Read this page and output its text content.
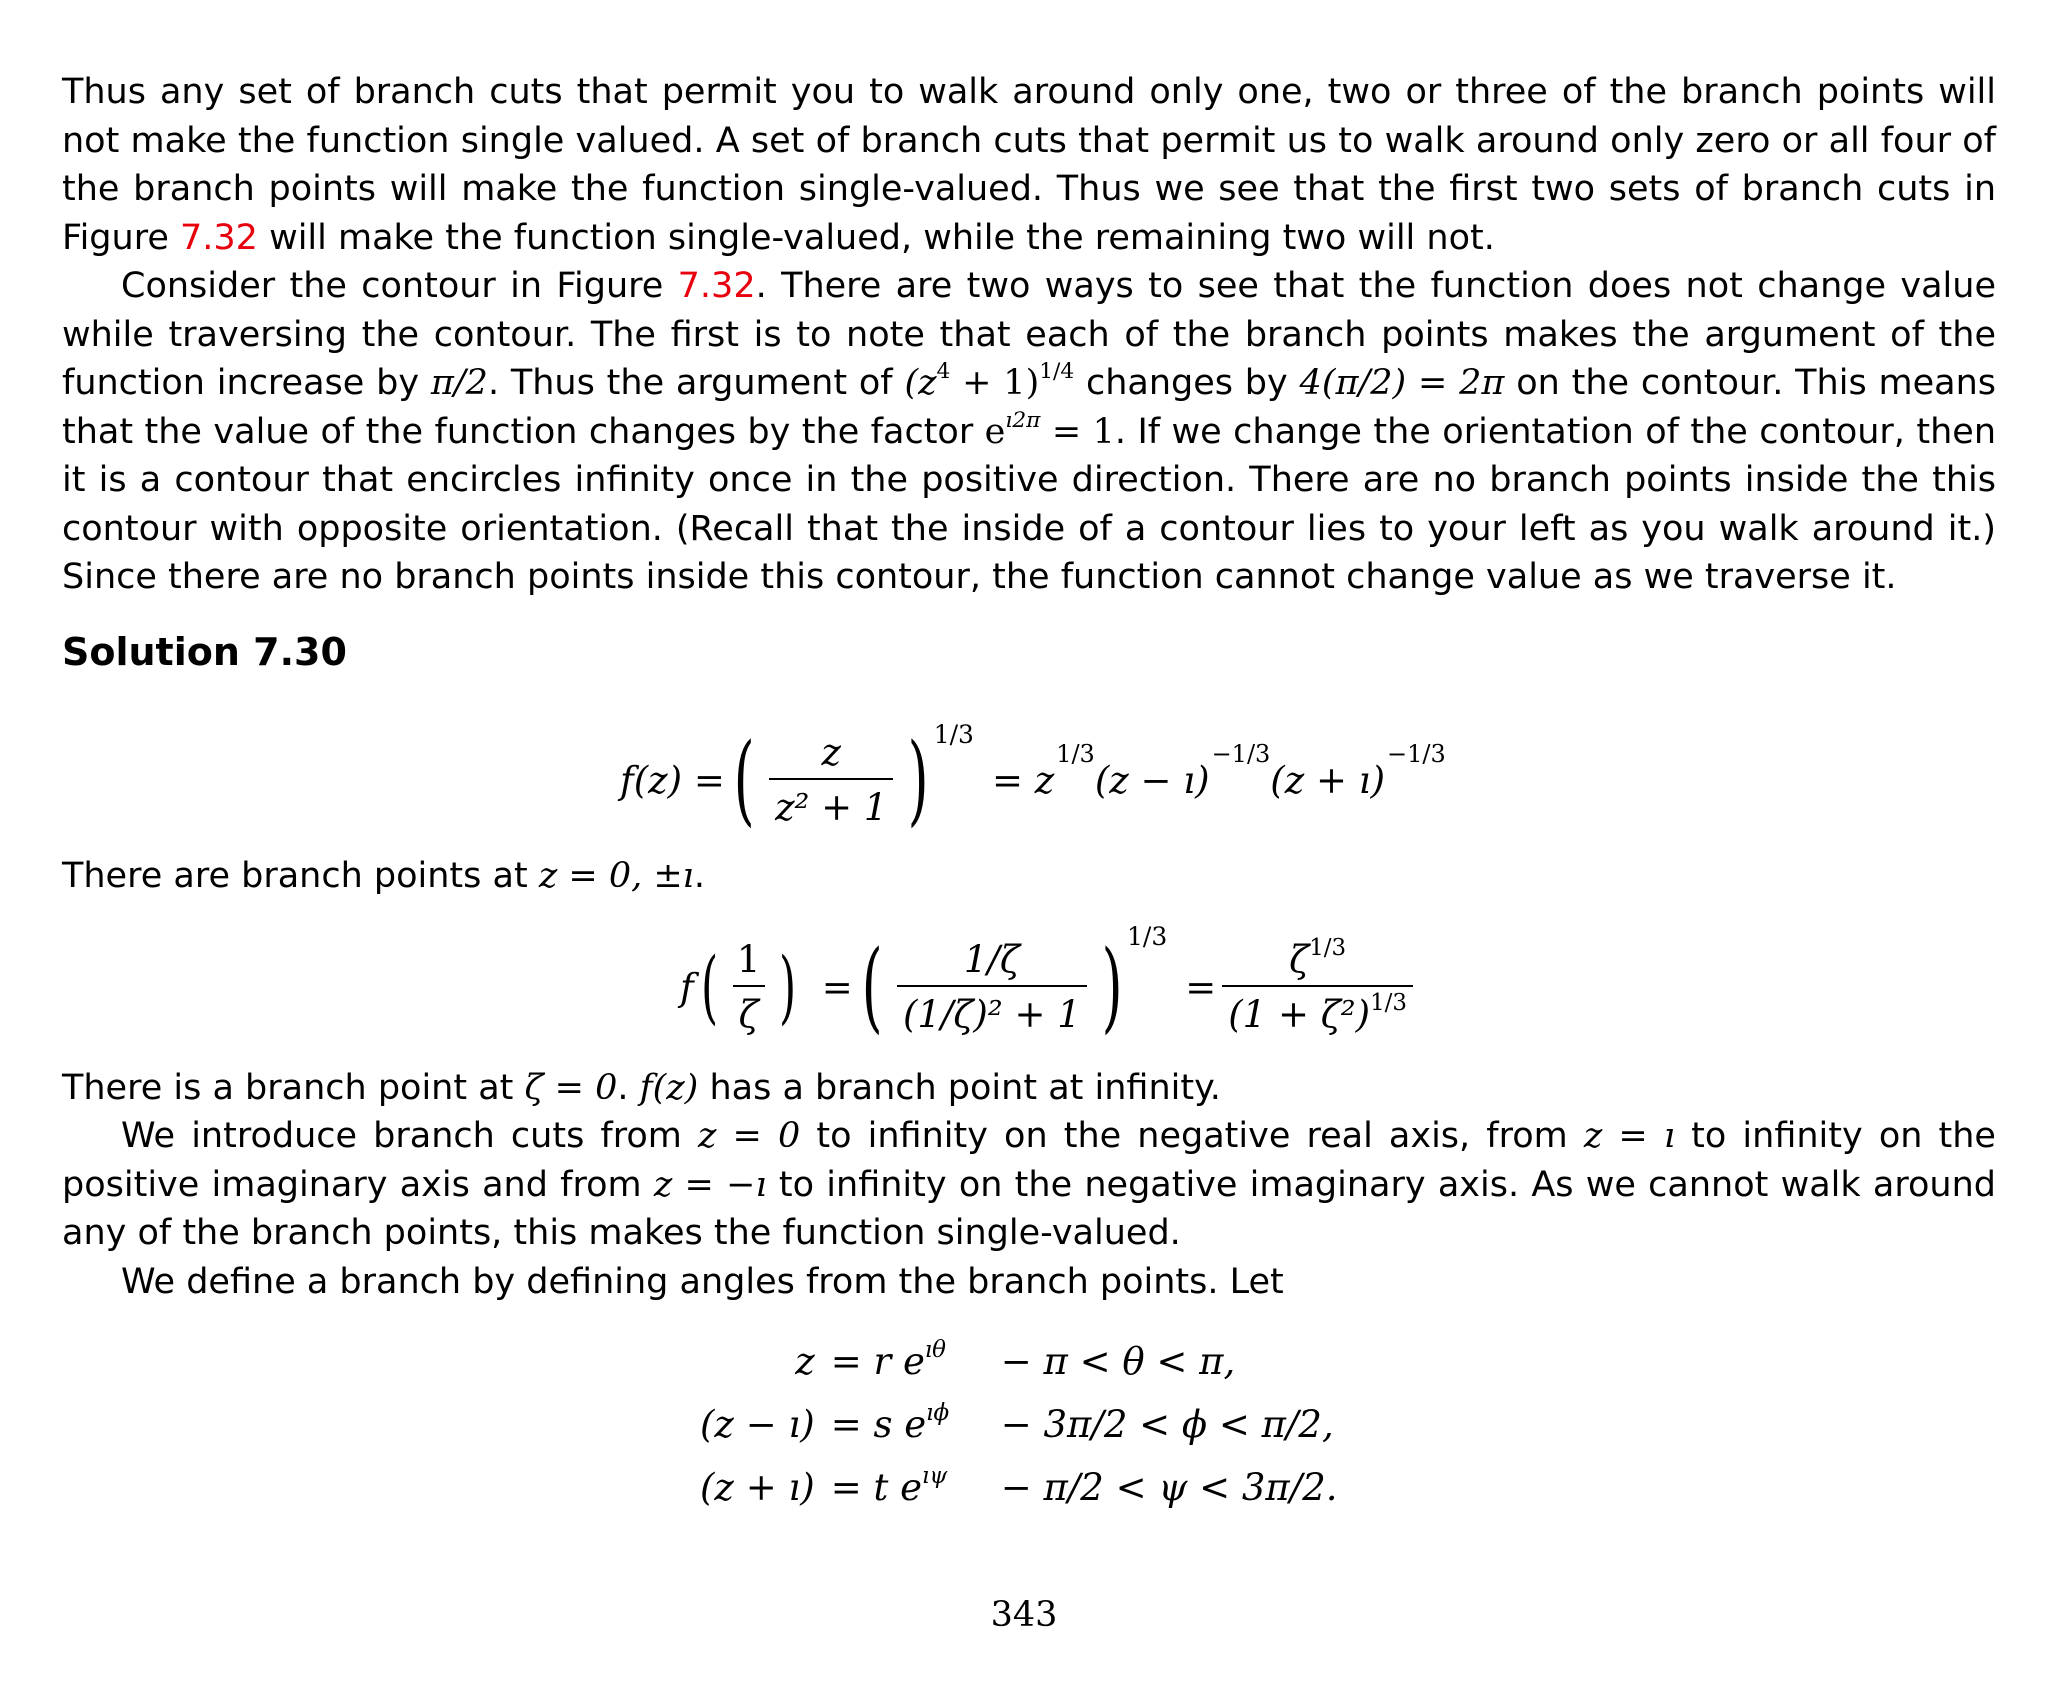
Thus any set of branch cuts that permit you to walk around only one, two or three of the branch points will not make the function single valued. A set of branch cuts that permit us to walk around only zero or all four of the branch points will make the function single-valued. Thus we see that the first two sets of branch cuts in Figure 7.32 will make the function single-valued, while the remaining two will not.

Consider the contour in Figure 7.32. There are two ways to see that the function does not change value while traversing the contour. The first is to note that each of the branch points makes the argument of the function increase by π/2. Thus the argument of $(z^4 + 1)^{1/4}$ changes by 4(π/2) = 2π on the contour. This means that the value of the function changes by the factor $e^{ı2\pi} = 1$. If we change the orientation of the contour, then it is a contour that encircles infinity once in the positive direction. There are no branch points inside the this contour with opposite orientation. (Recall that the inside of a contour lies to your left as you walk around it.) Since there are no branch points inside this contour, the function cannot change value as we traverse it.

Solution 7.30
f(z) = ( $\frac{z}{\text{z² + 1}}$ ) 1/3
= z
1/3
(z − ı)
−1/3
(z + ı)
−1/3

There are branch points at z = 0, ±ı.

f ( $\frac{1}{\zeta}$ ) = ( $\frac{1/\zeta}{\text{(1/ζ)² + 1}}$ ) 1/3
= $\frac{\zeta^{1/3}}{(1 + \zeta^2)^{1/3}}$

There is a branch point at ζ = 0. f(z) has a branch point at infinity.

We introduce branch cuts from z = 0 to infinity on the negative real axis, from z = ı to infinity on the positive imaginary axis and from z = −ı to infinity on the negative imaginary axis. As we cannot walk around any of the branch points, this makes the function single-valued.

We define a branch by defining angles from the branch points. Let

z	= r $e^{ı\theta}$	− π < θ < π,
(z − ı)	= s $e^{ı\phi}$	− 3π/2 < ϕ < π/2,
(z + ı)	= t $e^{ı\psi}$	− π/2 < ψ < 3π/2.
343
